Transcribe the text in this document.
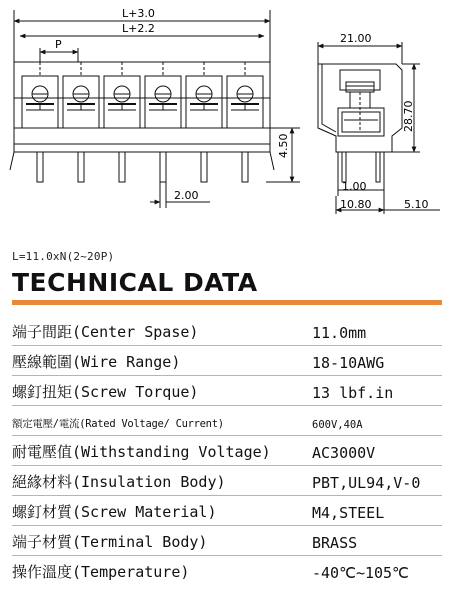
L+3.0
L+2.2
P
4.50
2.00
21.00
28.70
1.00
10.80	5.10
L=11.0xN(2~20P)
TECHNICAL DATA
端子間距(Center Spase)	11.0mm
壓線範圍(Wire Range)	18-10AWG
螺釘扭矩(Screw Torque)	13 lbf.in
額定電壓/電流(Rated Voltage/ Current)	600V,40A
耐電壓值(Withstanding Voltage)	AC3000V
絕緣材料(Insulation Body)	PBT,UL94,V-0
螺釘材質(Screw Material)	M4,STEEL
端子材質(Terminal Body)	BRASS
操作溫度(Temperature)	-40℃~105℃
